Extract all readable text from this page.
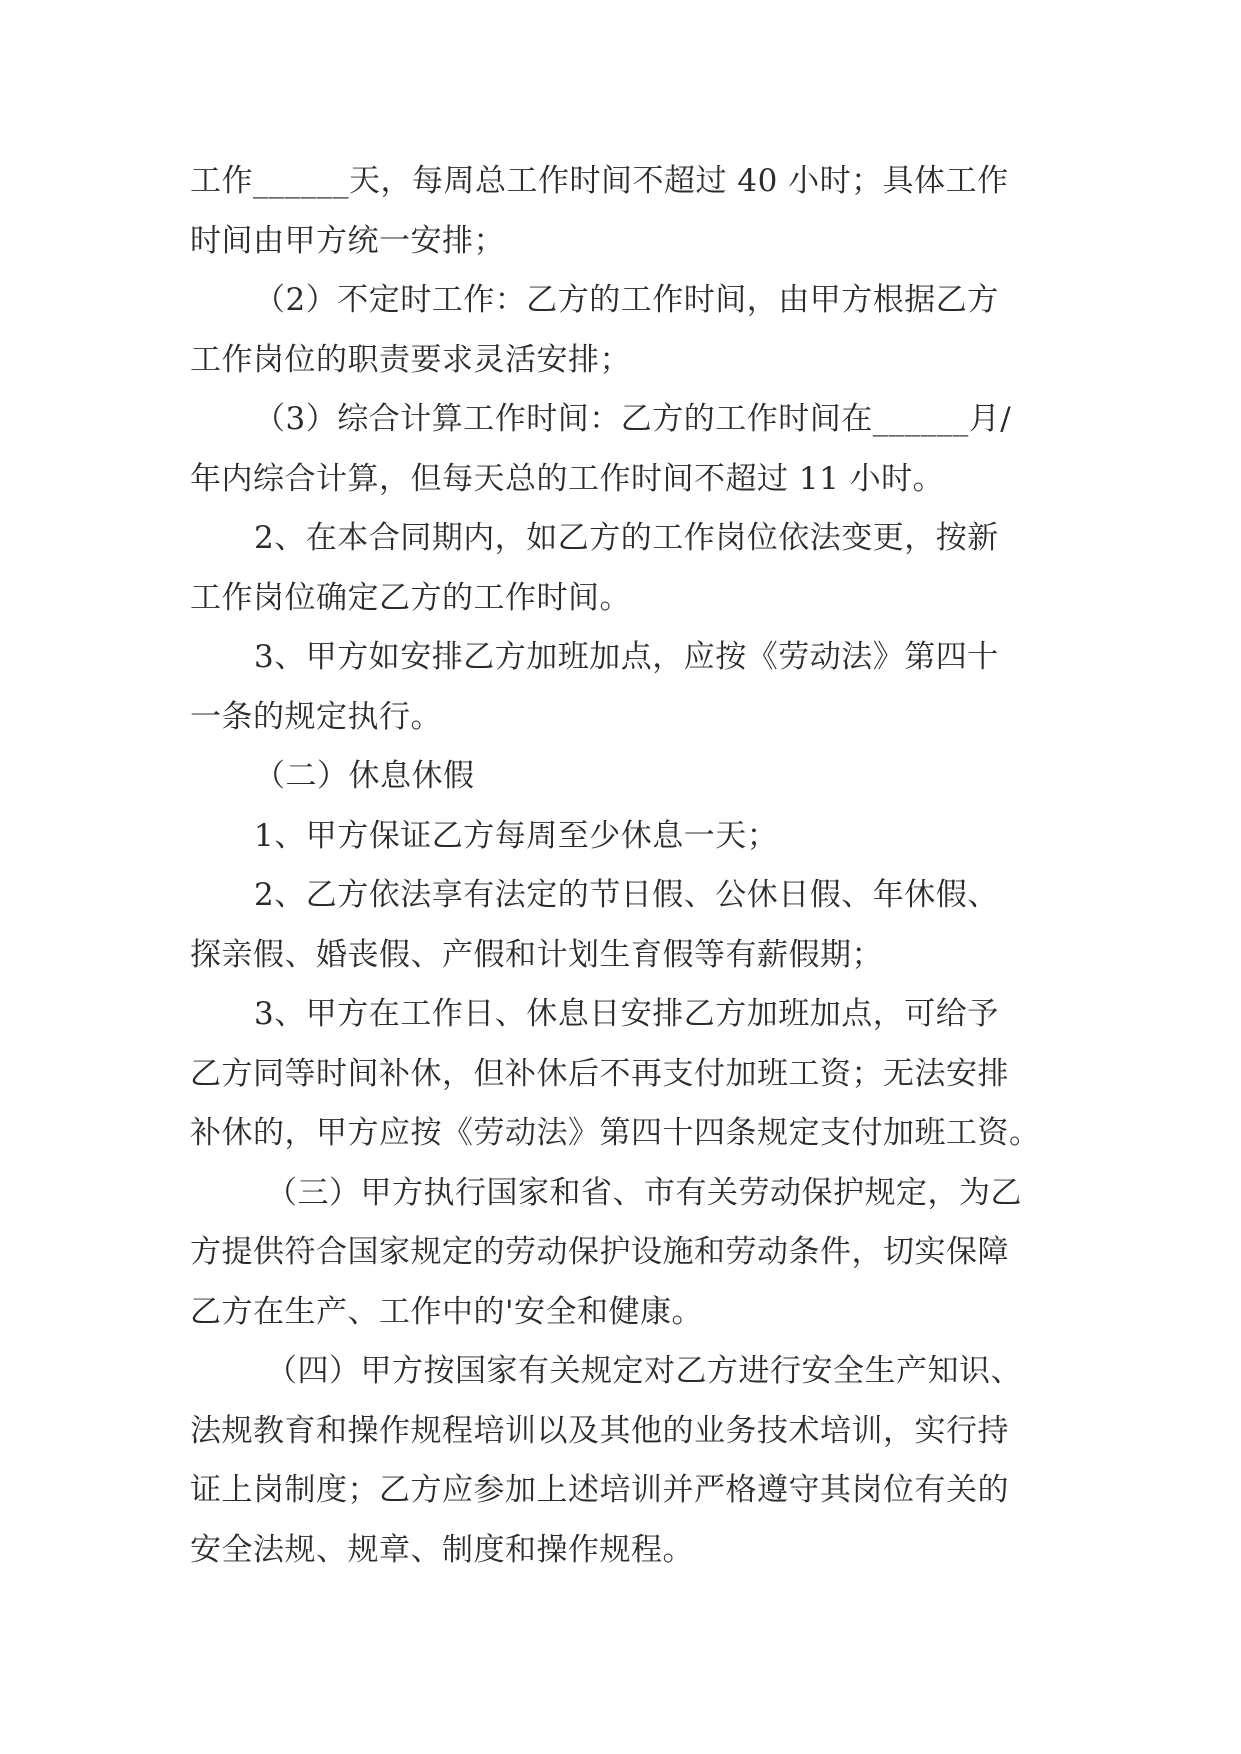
工作______天，每周总工作时间不超过 40 小时；具体工作
时间由甲方统一安排；
（2）不定时工作：乙方的工作时间，由甲方根据乙方
工作岗位的职责要求灵活安排；
（3）综合计算工作时间：乙方的工作时间在______月/
年内综合计算，但每天总的工作时间不超过 11 小时。
2、在本合同期内，如乙方的工作岗位依法变更，按新
工作岗位确定乙方的工作时间。
3、甲方如安排乙方加班加点，应按《劳动法》第四十
一条的规定执行。
（二）休息休假
1、甲方保证乙方每周至少休息一天；
2、乙方依法享有法定的节日假、公休日假、年休假、
探亲假、婚丧假、产假和计划生育假等有薪假期；
3、甲方在工作日、休息日安排乙方加班加点，可给予
乙方同等时间补休，但补休后不再支付加班工资；无法安排
补休的，甲方应按《劳动法》第四十四条规定支付加班工资。
（三）甲方执行国家和省、市有关劳动保护规定，为乙
方提供符合国家规定的劳动保护设施和劳动条件，切实保障
乙方在生产、工作中的'安全和健康。
（四）甲方按国家有关规定对乙方进行安全生产知识、
法规教育和操作规程培训以及其他的业务技术培训，实行持
证上岗制度；乙方应参加上述培训并严格遵守其岗位有关的
安全法规、规章、制度和操作规程。
